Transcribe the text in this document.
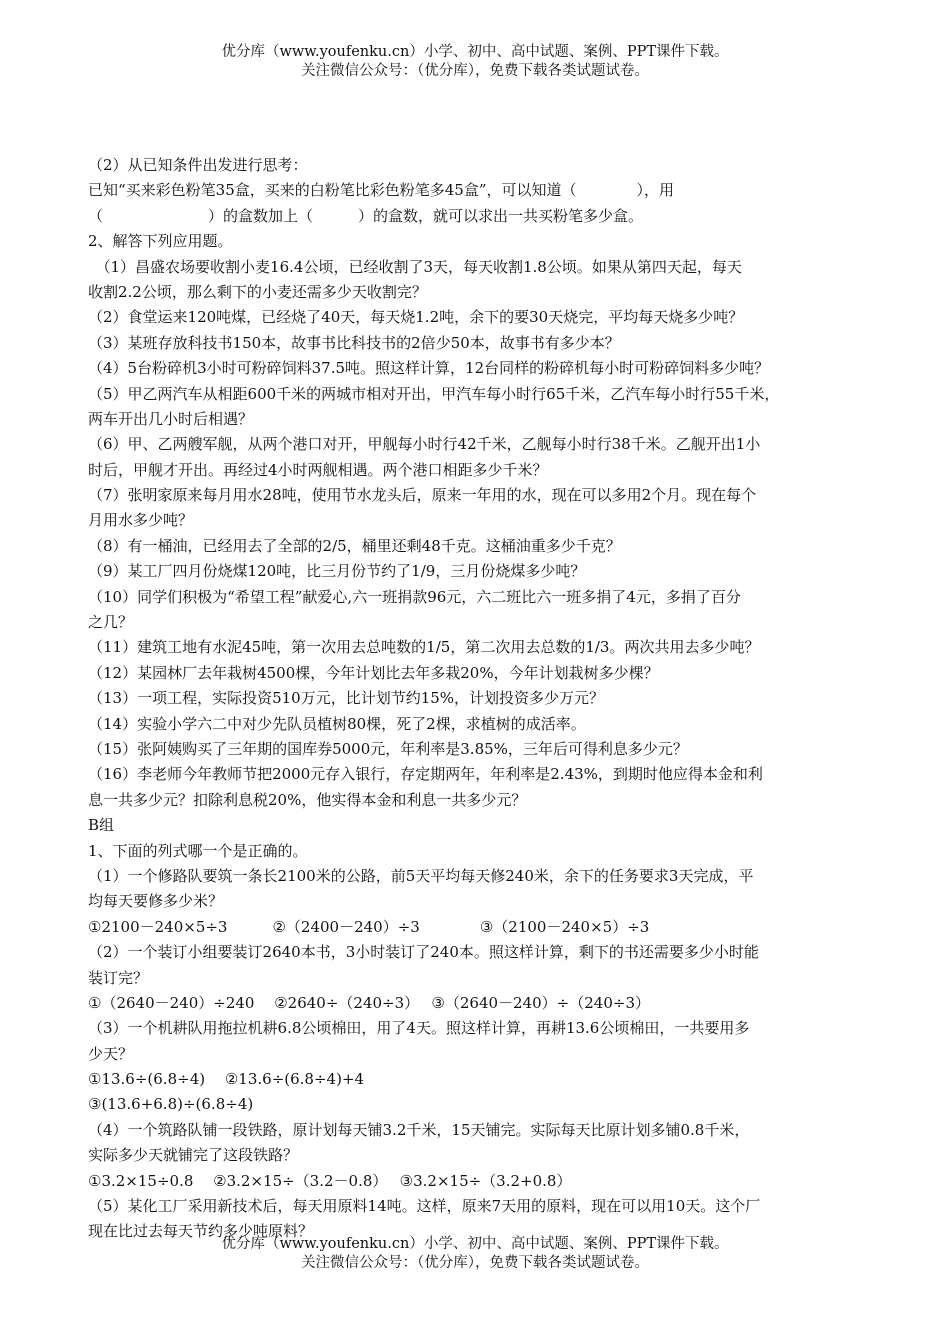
优分库（www.youfenku.cn）小学、初中、高中试题、案例、PPT课件下载。
关注微信公众号：（优分库），免费下载各类试题试卷。
（2）从已知条件出发进行思考：
已知“买来彩色粉笔35盒，买来的白粉笔比彩色粉笔多45盒”，可以知道（　　　　），用
（　　　　　　　）的盒数加上（　　　）的盒数，就可以求出一共买粉笔多少盒。
2、解答下列应用题。
　（1）昌盛农场要收割小麦16.4公顷，已经收割了3天，每天收割1.8公顷。如果从第四天起，每天
收割2.2公顷，那么剩下的小麦还需多少天收割完？
（2）食堂运来120吨煤，已经烧了40天，每天烧1.2吨，余下的要30天烧完，平均每天烧多少吨？
（3）某班存放科技书150本，故事书比科技书的2倍少50本，故事书有多少本？
（4）5台粉碎机3小时可粉碎饲料37.5吨。照这样计算，12台同样的粉碎机每小时可粉碎饲料多少吨？
（5）甲乙两汽车从相距600千米的两城市相对开出，甲汽车每小时行65千米，乙汽车每小时行55千米，
两车开出几小时后相遇？
（6）甲、乙两艘军舰，从两个港口对开，甲舰每小时行42千米，乙舰每小时行38千米。乙舰开出1小
时后，甲舰才开出。再经过4小时两舰相遇。两个港口相距多少千米？
（7）张明家原来每月用水28吨，使用节水龙头后，原来一年用的水，现在可以多用2个月。现在每个
月用水多少吨？
（8）有一桶油，已经用去了全部的2/5，桶里还剩48千克。这桶油重多少千克？
（9）某工厂四月份烧煤120吨，比三月份节约了1/9，三月份烧煤多少吨？
（10）同学们积极为“希望工程”献爱心,六一班捐款96元，六二班比六一班多捐了4元，多捐了百分
之几？
（11）建筑工地有水泥45吨，第一次用去总吨数的1/5，第二次用去总数的1/3。两次共用去多少吨？
（12）某园林厂去年栽树4500棵，今年计划比去年多栽20%，今年计划栽树多少棵？
（13）一项工程，实际投资510万元，比计划节约15%，计划投资多少万元？
（14）实验小学六二中对少先队员植树80棵，死了2棵，求植树的成活率。
（15）张阿姨购买了三年期的国库券5000元，年利率是3.85%，三年后可得利息多少元？
（16）李老师今年教师节把2000元存入银行，存定期两年，年利率是2.43%，到期时他应得本金和利
息一共多少元？扣除利息税20%，他实得本金和利息一共多少元？
B组
1、下面的列式哪一个是正确的。
（1）一个修路队要筑一条长2100米的公路，前5天平均每天修240米，余下的任务要求3天完成，平
均每天要修多少米？
①2100－240×5÷3　　　②（2400－240）÷3　　　　③（2100－240×5）÷3
（2）一个装订小组要装订2640本书，3小时装订了240本。照这样计算，剩下的书还需要多少小时能
装订完？
①（2640－240）÷240　 ②2640÷（240÷3）　 ③（2640－240）÷（240÷3）
（3）一个机耕队用拖拉机耕6.8公顷棉田，用了4天。照这样计算，再耕13.6公顷棉田，一共要用多
少天？
①13.6÷(6.8÷4)　 ②13.6÷(6.8÷4)+4
③(13.6+6.8)÷(6.8÷4)
（4）一个筑路队铺一段铁路，原计划每天铺3.2千米，15天铺完。实际每天比原计划多铺0.8千米，
实际多少天就铺完了这段铁路？
①3.2×15÷0.8　 ②3.2×15÷（3.2－0.8）　 ③3.2×15÷（3.2+0.8）
（5）某化工厂采用新技术后，每天用原料14吨。这样，原来7天用的原料，现在可以用10天。这个厂
现在比过去每天节约多少吨原料？
优分库（www.youfenku.cn）小学、初中、高中试题、案例、PPT课件下载。
关注微信公众号：（优分库），免费下载各类试题试卷。
